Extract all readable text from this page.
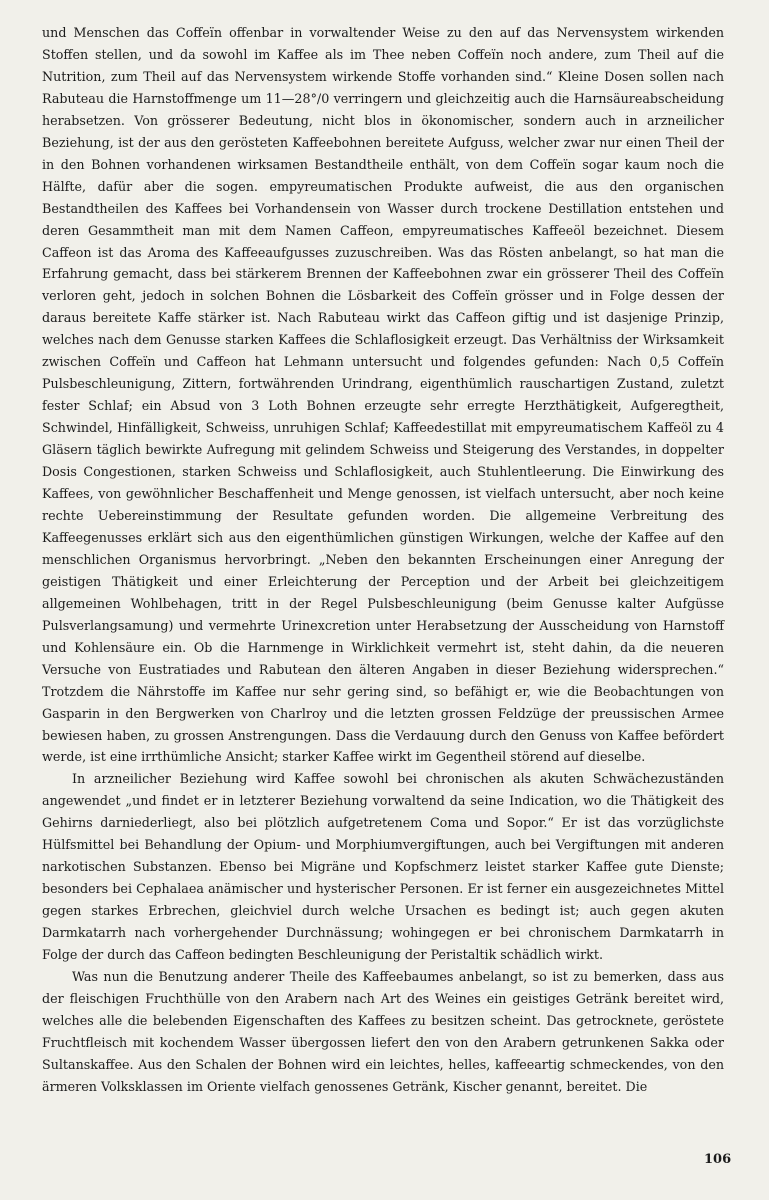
und Menschen das Coffeïn offenbar in vorwaltender Weise zu den auf das Nervensystem wirkenden Stoffen stellen, und da sowohl im Kaffee als im Thee neben Coffeïn noch andere, zum Theil auf die Nutrition, zum Theil auf das Nervensystem wirkende Stoffe vorhanden sind.“ Kleine Dosen sollen nach Rabuteau die Harnstoffmenge um 11—28°/0 verringern und gleichzeitig auch die Harnsäureabscheidung herabsetzen. Von grösserer Bedeutung, nicht blos in ökonomischer, sondern auch in arzneilicher Beziehung, ist der aus den gerösteten Kaffeebohnen bereitete Aufguss, welcher zwar nur einen Theil der in den Bohnen vorhandenen wirksamen Bestandtheile enthält, von dem Coffeïn sogar kaum noch die Hälfte, dafür aber die sogen. empyreumatischen Produkte aufweist, die aus den organischen Bestandtheilen des Kaffees bei Vorhandensein von Wasser durch trockene Destillation entstehen und deren Gesammtheit man mit dem Namen Caffeon, empyreumatisches Kaffeeöl bezeichnet. Diesem Caffeon ist das Aroma des Kaffeeaufgusses zuzuschreiben. Was das Rösten anbelangt, so hat man die Erfahrung gemacht, dass bei stärkerem Brennen der Kaffeebohnen zwar ein grösserer Theil des Coffeïn verloren geht, jedoch in solchen Bohnen die Lösbarkeit des Coffeïn grösser und in Folge dessen der daraus bereitete Kaffe stärker ist. Nach Rabuteau wirkt das Caffeon giftig und ist dasjenige Prinzip, welches nach dem Genusse starken Kaffees die Schlaflosigkeit erzeugt. Das Verhältniss der Wirksamkeit zwischen Coffeïn und Caffeon hat Lehmann untersucht und folgendes gefunden: Nach 0,5 Coffeïn Pulsbeschleunigung, Zittern, fortwährenden Urindrang, eigenthümlich rauschartigen Zustand, zuletzt fester Schlaf; ein Absud von 3 Loth Bohnen erzeugte sehr erregte Herzthätigkeit, Aufgeregtheit, Schwindel, Hinfälligkeit, Schweiss, unruhigen Schlaf; Kaffeedestillat mit empyreumatischem Kaffeöl zu 4 Gläsern täglich bewirkte Aufregung mit gelindem Schweiss und Steigerung des Verstandes, in doppelter Dosis Congestionen, starken Schweiss und Schlaflosigkeit, auch Stuhlentleerung. Die Einwirkung des Kaffees, von gewöhnlicher Beschaffenheit und Menge genossen, ist vielfach untersucht, aber noch keine rechte Uebereinstimmung der Resultate gefunden worden. Die allgemeine Verbreitung des Kaffeegenusses erklärt sich aus den eigenthümlichen günstigen Wirkungen, welche der Kaffee auf den menschlichen Organismus hervorbringt. „Neben den bekannten Erscheinungen einer Anregung der geistigen Thätigkeit und einer Erleichterung der Perception und der Arbeit bei gleichzeitigem allgemeinen Wohlbehagen, tritt in der Regel Pulsbeschleunigung (beim Genusse kalter Aufgüsse Pulsverlangsamung) und vermehrte Urinexcretion unter Herabsetzung der Ausscheidung von Harnstoff und Kohlensäure ein. Ob die Harnmenge in Wirklichkeit vermehrt ist, steht dahin, da die neueren Versuche von Eustratiades und Rabutean den älteren Angaben in dieser Beziehung widersprechen.“ Trotzdem die Nährstoffe im Kaffee nur sehr gering sind, so befähigt er, wie die Beobachtungen von Gasparin in den Bergwerken von Charlroy und die letzten grossen Feldzüge der preussischen Armee bewiesen haben, zu grossen Anstrengungen. Dass die Verdauung durch den Genuss von Kaffee befördert werde, ist eine irrthümliche Ansicht; starker Kaffee wirkt im Gegentheil störend auf dieselbe.

In arzneilicher Beziehung wird Kaffee sowohl bei chronischen als akuten Schwächezuständen angewendet „und findet er in letzterer Beziehung vorwaltend da seine Indication, wo die Thätigkeit des Gehirns darniederliegt, also bei plötzlich aufgetretenem Coma und Sopor.“ Er ist das vorzüglichste Hülfsmittel bei Behandlung der Opium- und Morphiumvergiftungen, auch bei Vergiftungen mit anderen narkotischen Substanzen. Ebenso bei Migräne und Kopfschmerz leistet starker Kaffee gute Dienste; besonders bei Cephalaea anämischer und hysterischer Personen. Er ist ferner ein ausgezeichnetes Mittel gegen starkes Erbrechen, gleichviel durch welche Ursachen es bedingt ist; auch gegen akuten Darmkatarrh nach vorhergehender Durchnässung; wohingegen er bei chronischem Darmkatarrh in Folge der durch das Caffeon bedingten Beschleunigung der Peristaltik schädlich wirkt.

Was nun die Benutzung anderer Theile des Kaffeebaumes anbelangt, so ist zu bemerken, dass aus der fleischigen Fruchthülle von den Arabern nach Art des Weines ein geistiges Getränk bereitet wird, welches alle die belebenden Eigenschaften des Kaffees zu besitzen scheint. Das getrocknete, geröstete Fruchtfleisch mit kochendem Wasser übergossen liefert den von den Arabern getrunkenen Sakka oder Sultanskaffee. Aus den Schalen der Bohnen wird ein leichtes, helles, kaffeeartig schmeckendes, von den ärmeren Volksklassen im Oriente vielfach genossenes Getränk, Kischer genannt, bereitet. Die

106
